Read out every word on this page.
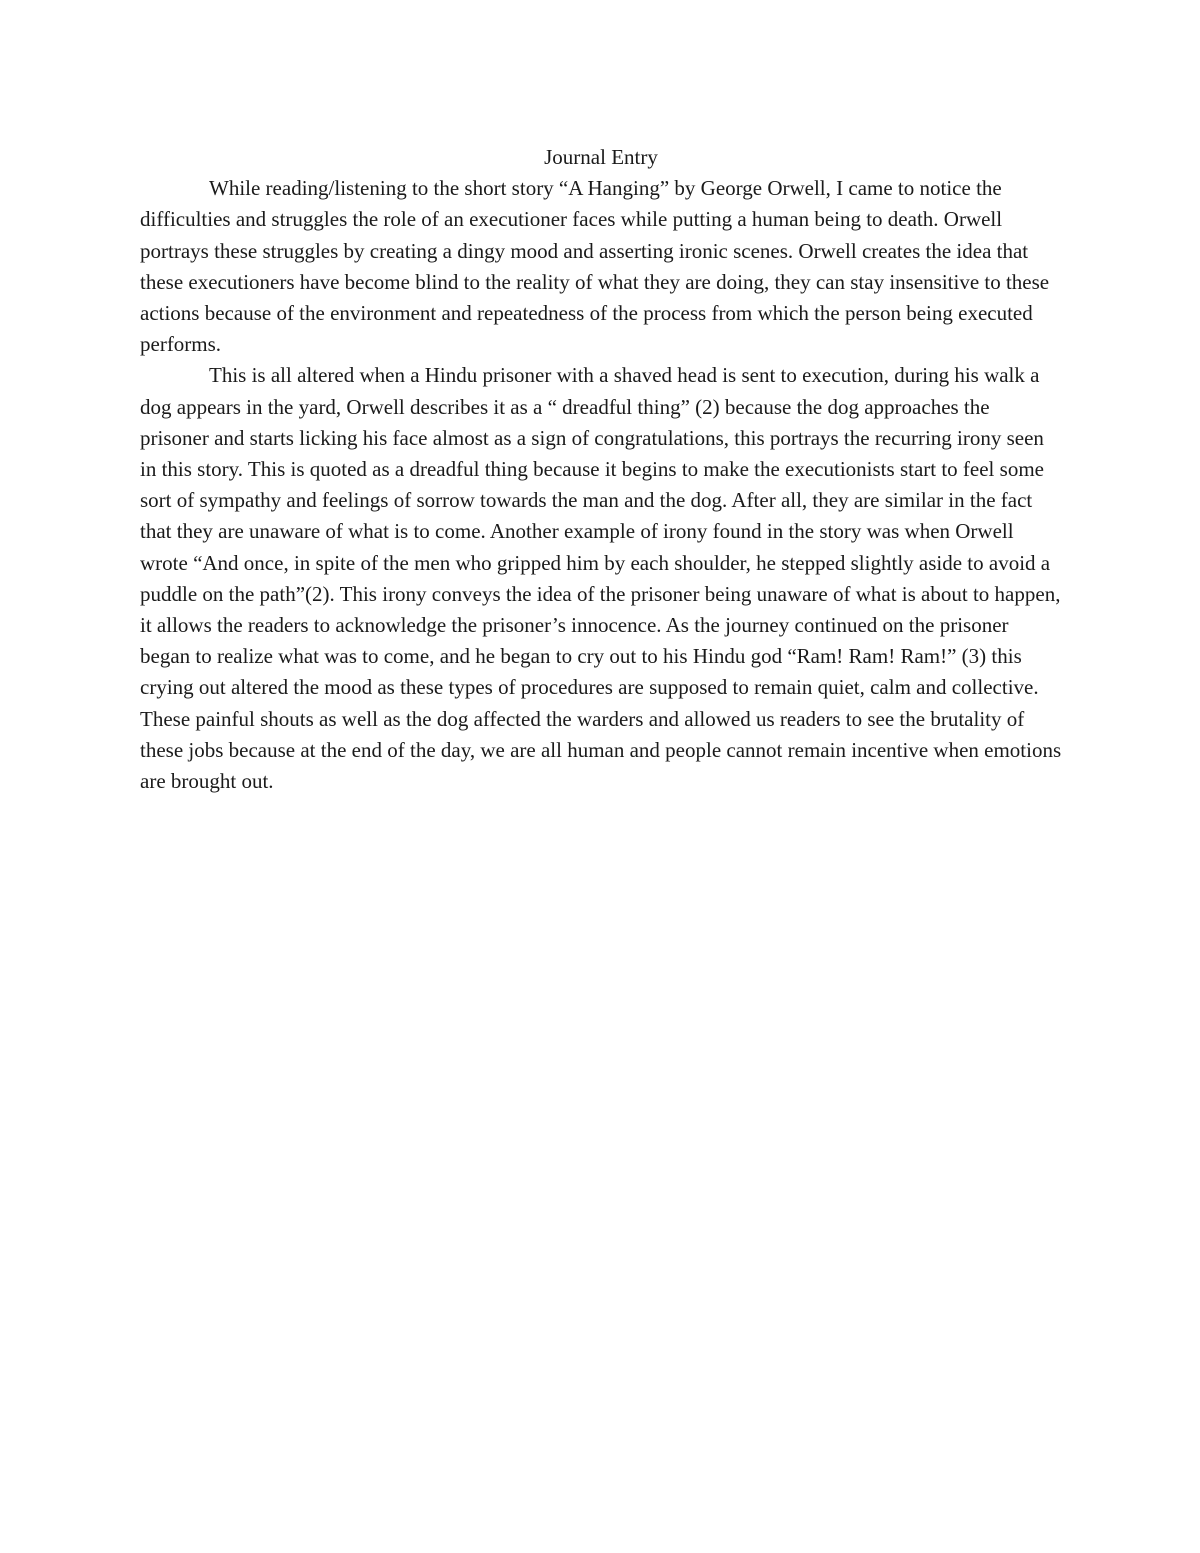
Journal Entry

While reading/listening to the short story “A Hanging” by George Orwell, I came to notice the difficulties and struggles the role of an executioner faces while putting a human being to death. Orwell portrays these struggles by creating a dingy mood and asserting ironic scenes. Orwell creates the idea that these executioners have become blind to the reality of what they are doing, they can stay insensitive to these actions because of the environment and repeatedness of the process from which the person being executed performs.

This is all altered when a Hindu prisoner with a shaved head is sent to execution, during his walk a dog appears in the yard, Orwell describes it as a “ dreadful thing” (2) because the dog approaches the prisoner and starts licking his face almost as a sign of congratulations, this portrays the recurring irony seen in this story. This is quoted as a dreadful thing because it begins to make the executionists start to feel some sort of sympathy and feelings of sorrow towards the man and the dog. After all, they are similar in the fact that they are unaware of what is to come. Another example of irony found in the story was when Orwell wrote “And once, in spite of the men who gripped him by each shoulder, he stepped slightly aside to avoid a puddle on the path”(2). This irony conveys the idea of the prisoner being unaware of what is about to happen, it allows the readers to acknowledge the prisoner’s innocence. As the journey continued on the prisoner began to realize what was to come, and he began to cry out to his Hindu god “Ram! Ram! Ram!” (3) this crying out altered the mood as these types of procedures are supposed to remain quiet, calm and collective. These painful shouts as well as the dog affected the warders and allowed us readers to see the brutality of these jobs because at the end of the day, we are all human and people cannot remain incentive when emotions are brought out.
